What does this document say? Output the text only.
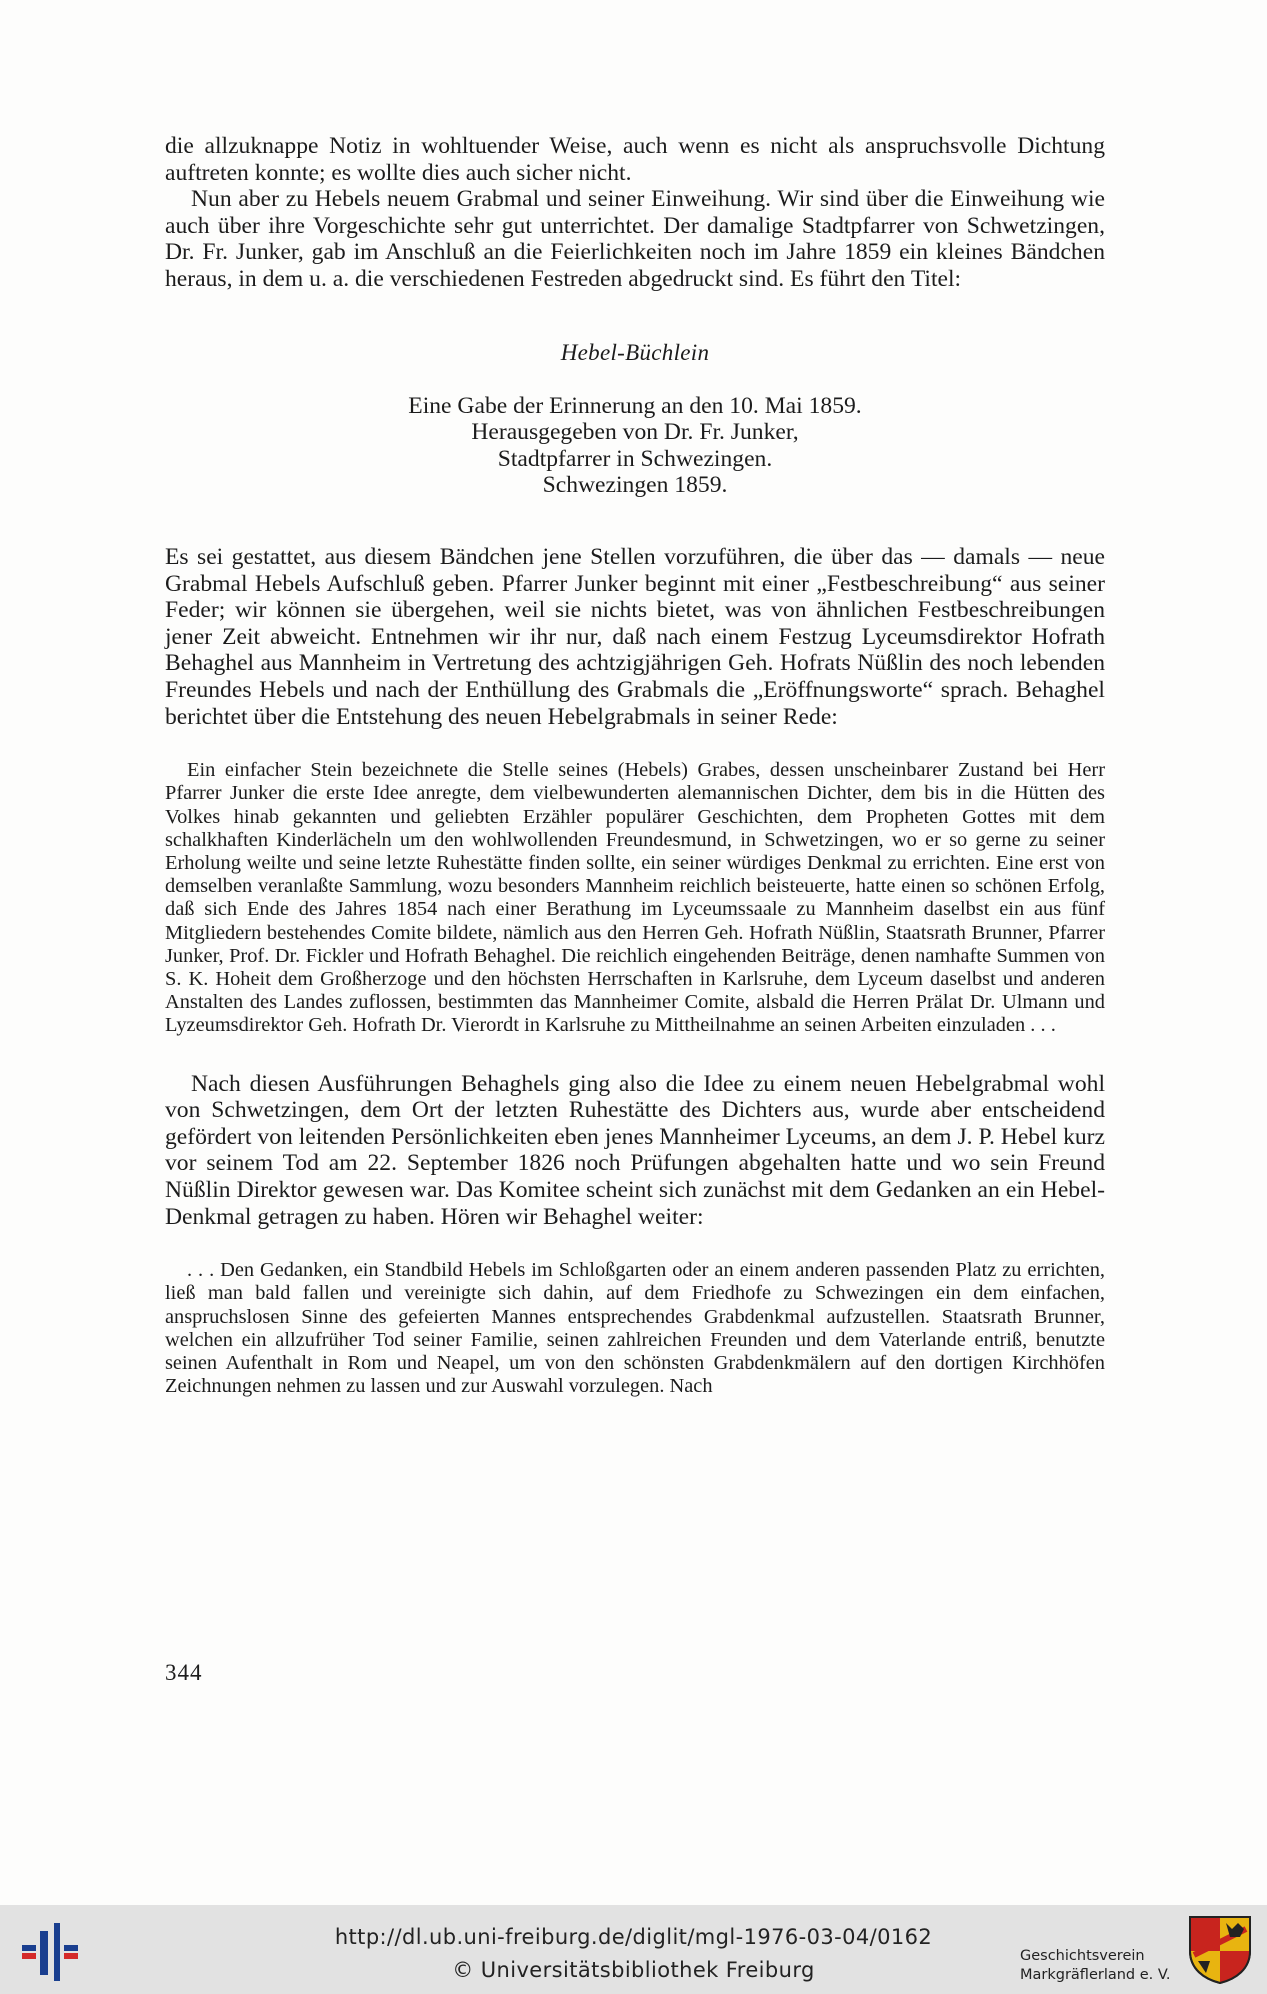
die allzuknappe Notiz in wohltuender Weise, auch wenn es nicht als anspruchsvolle Dichtung auftreten konnte; es wollte dies auch sicher nicht.

Nun aber zu Hebels neuem Grabmal und seiner Einweihung. Wir sind über die Einweihung wie auch über ihre Vorgeschichte sehr gut unterrichtet. Der damalige Stadtpfarrer von Schwetzingen, Dr. Fr. Junker, gab im Anschluß an die Feierlichkeiten noch im Jahre 1859 ein kleines Bändchen heraus, in dem u. a. die verschiedenen Festreden abgedruckt sind. Es führt den Titel:

Hebel-Büchlein
Eine Gabe der Erinnerung an den 10. Mai 1859.
Herausgegeben von Dr. Fr. Junker,
Stadtpfarrer in Schwezingen.
Schwezingen 1859.

Es sei gestattet, aus diesem Bändchen jene Stellen vorzuführen, die über das — damals — neue Grabmal Hebels Aufschluß geben. Pfarrer Junker beginnt mit einer „Festbeschreibung“ aus seiner Feder; wir können sie übergehen, weil sie nichts bietet, was von ähnlichen Festbeschreibungen jener Zeit abweicht. Entnehmen wir ihr nur, daß nach einem Festzug Lyceumsdirektor Hofrath Behaghel aus Mannheim in Vertretung des achtzigjährigen Geh. Hofrats Nüßlin des noch lebenden Freundes Hebels und nach der Enthüllung des Grabmals die „Eröffnungsworte“ sprach. Behaghel berichtet über die Entstehung des neuen Hebelgrabmals in seiner Rede:

Ein einfacher Stein bezeichnete die Stelle seines (Hebels) Grabes, dessen unscheinbarer Zustand bei Herr Pfarrer Junker die erste Idee anregte, dem vielbewunderten alemannischen Dichter, dem bis in die Hütten des Volkes hinab gekannten und geliebten Erzähler populärer Geschichten, dem Propheten Gottes mit dem schalkhaften Kinderlächeln um den wohlwollenden Freundesmund, in Schwetzingen, wo er so gerne zu seiner Erholung weilte und seine letzte Ruhestätte finden sollte, ein seiner würdiges Denkmal zu errichten. Eine erst von demselben veranlaßte Sammlung, wozu besonders Mannheim reichlich beisteuerte, hatte einen so schönen Erfolg, daß sich Ende des Jahres 1854 nach einer Berathung im Lyceumssaale zu Mannheim daselbst ein aus fünf Mitgliedern bestehendes Comite bildete, nämlich aus den Herren Geh. Hofrath Nüßlin, Staatsrath Brunner, Pfarrer Junker, Prof. Dr. Fickler und Hofrath Behaghel. Die reichlich eingehenden Beiträge, denen namhafte Summen von S. K. Hoheit dem Großherzoge und den höchsten Herrschaften in Karlsruhe, dem Lyceum daselbst und anderen Anstalten des Landes zuflossen, bestimmten das Mannheimer Comite, alsbald die Herren Prälat Dr. Ulmann und Lyzeumsdirektor Geh. Hofrath Dr. Vierordt in Karlsruhe zu Mittheilnahme an seinen Arbeiten einzuladen . . .

Nach diesen Ausführungen Behaghels ging also die Idee zu einem neuen Hebelgrabmal wohl von Schwetzingen, dem Ort der letzten Ruhestätte des Dichters aus, wurde aber entscheidend gefördert von leitenden Persönlichkeiten eben jenes Mannheimer Lyceums, an dem J. P. Hebel kurz vor seinem Tod am 22. September 1826 noch Prüfungen abgehalten hatte und wo sein Freund Nüßlin Direktor gewesen war. Das Komitee scheint sich zunächst mit dem Gedanken an ein Hebel-Denkmal getragen zu haben. Hören wir Behaghel weiter:

. . . Den Gedanken, ein Standbild Hebels im Schloßgarten oder an einem anderen passenden Platz zu errichten, ließ man bald fallen und vereinigte sich dahin, auf dem Friedhofe zu Schwezingen ein dem einfachen, anspruchslosen Sinne des gefeierten Mannes entsprechendes Grabdenkmal aufzustellen. Staatsrath Brunner, welchen ein allzufrüher Tod seiner Familie, seinen zahlreichen Freunden und dem Vaterlande entriß, benutzte seinen Aufenthalt in Rom und Neapel, um von den schönsten Grabdenkmälern auf den dortigen Kirchhöfen Zeichnungen nehmen zu lassen und zur Auswahl vorzulegen. Nach

344
http://dl.ub.uni-freiburg.de/diglit/mgl-1976-03-04/0162
© Universitätsbibliothek Freiburg
Geschichtsverein
Markgräflerland e. V.
